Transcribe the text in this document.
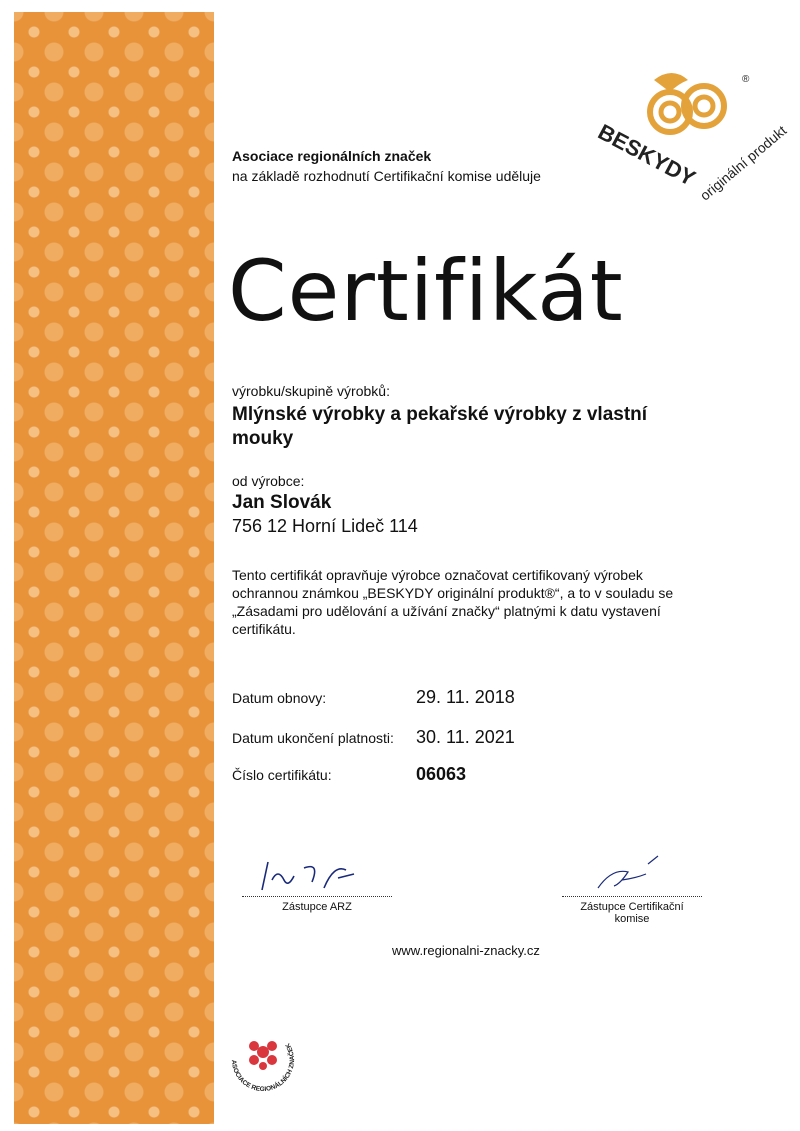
BESKYDY
originální produkt
®
Asociace regionálních značek
na základě rozhodnutí Certifikační komise uděluje
Certifikát
výrobku/skupině výrobků:
Mlýnské výrobky a pekařské výrobky z vlastní mouky
od výrobce:
Jan Slovák
756 12 Horní Lideč 114
Tento certifikát opravňuje výrobce označovat certifikovaný výrobek ochrannou známkou „BESKYDY originální produkt®“, a to v souladu se „Zásadami pro udělování a užívání značky“ platnými k datu vystavení certifikátu.
Datum obnovy:	29. 11. 2018
Datum ukončení platnosti: 30. 11. 2021
Číslo certifikátu:	06063
Zástupce ARZ	Zástupce Certifikační komise
www.regionalni-znacky.cz
ASOCIACE REGIONÁLNÍCH ZNAČEK
